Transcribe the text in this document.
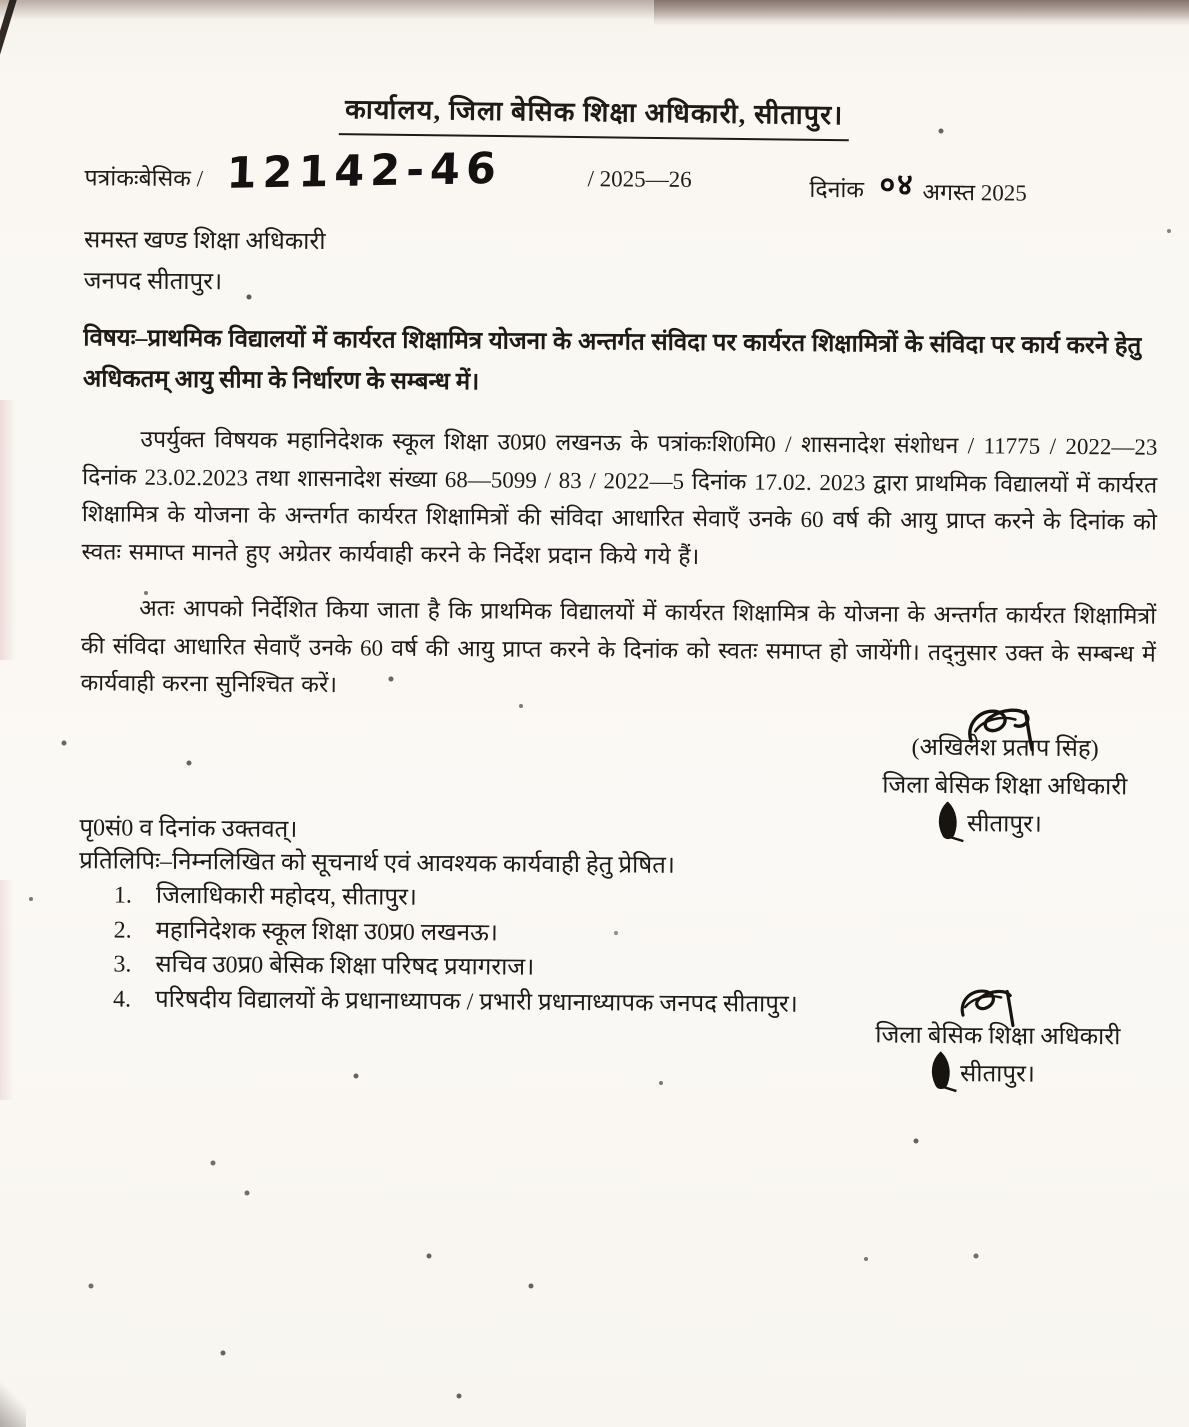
कार्यालय, जिला बेसिक शिक्षा अधिकारी, सीतापुर।
पत्रांकःबेसिक / 12142-46	/ 2025—26	दिनांक ०४ अगस्त 2025
समस्त खण्ड शिक्षा अधिकारी
जनपद सीतापुर।
विषयः–प्राथमिक विद्यालयों में कार्यरत शिक्षामित्र योजना के अन्तर्गत संविदा पर कार्यरत शिक्षामित्रों के संविदा पर कार्य करने हेतु अधिकतम् आयु सीमा के निर्धारण के सम्बन्ध में।
उपर्युक्त विषयक महानिदेशक स्कूल शिक्षा उ0प्र0 लखनऊ के पत्रांकःशि0मि0 / शासनादेश संशोधन / 11775 / 2022—23 दिनांक 23.02.2023 तथा शासनादेश संख्या 68—5099 / 83 / 2022—5 दिनांक 17.02. 2023 द्वारा प्राथमिक विद्यालयों में कार्यरत शिक्षामित्र के योजना के अन्तर्गत कार्यरत शिक्षामित्रों की संविदा आधारित सेवाएँ उनके 60 वर्ष की आयु प्राप्त करने के दिनांक को स्वतः समाप्त मानते हुए अग्रेतर कार्यवाही करने के निर्देश प्रदान किये गये हैं।
अतः आपको निर्देशित किया जाता है कि प्राथमिक विद्यालयों में कार्यरत शिक्षामित्र के योजना के अन्तर्गत कार्यरत शिक्षामित्रों की संविदा आधारित सेवाएँ उनके 60 वर्ष की आयु प्राप्त करने के दिनांक को स्वतः समाप्त हो जायेंगी। तद्नुसार उक्त के सम्बन्ध में कार्यवाही करना सुनिश्चित करें।
(अखिलेश प्रताप सिंह)
जिला बेसिक शिक्षा अधिकारी
सीतापुर।
पृ0सं0 व दिनांक उक्तवत्।
प्रतिलिपिः–निम्नलिखित को सूचनार्थ एवं आवश्यक कार्यवाही हेतु प्रेषित।
1. जिलाधिकारी महोदय, सीतापुर।
2. महानिदेशक स्कूल शिक्षा उ0प्र0 लखनऊ।
3. सचिव उ0प्र0 बेसिक शिक्षा परिषद प्रयागराज।
4. परिषदीय विद्यालयों के प्रधानाध्यापक / प्रभारी प्रधानाध्यापक जनपद सीतापुर।
जिला बेसिक शिक्षा अधिकारी
सीतापुर।
